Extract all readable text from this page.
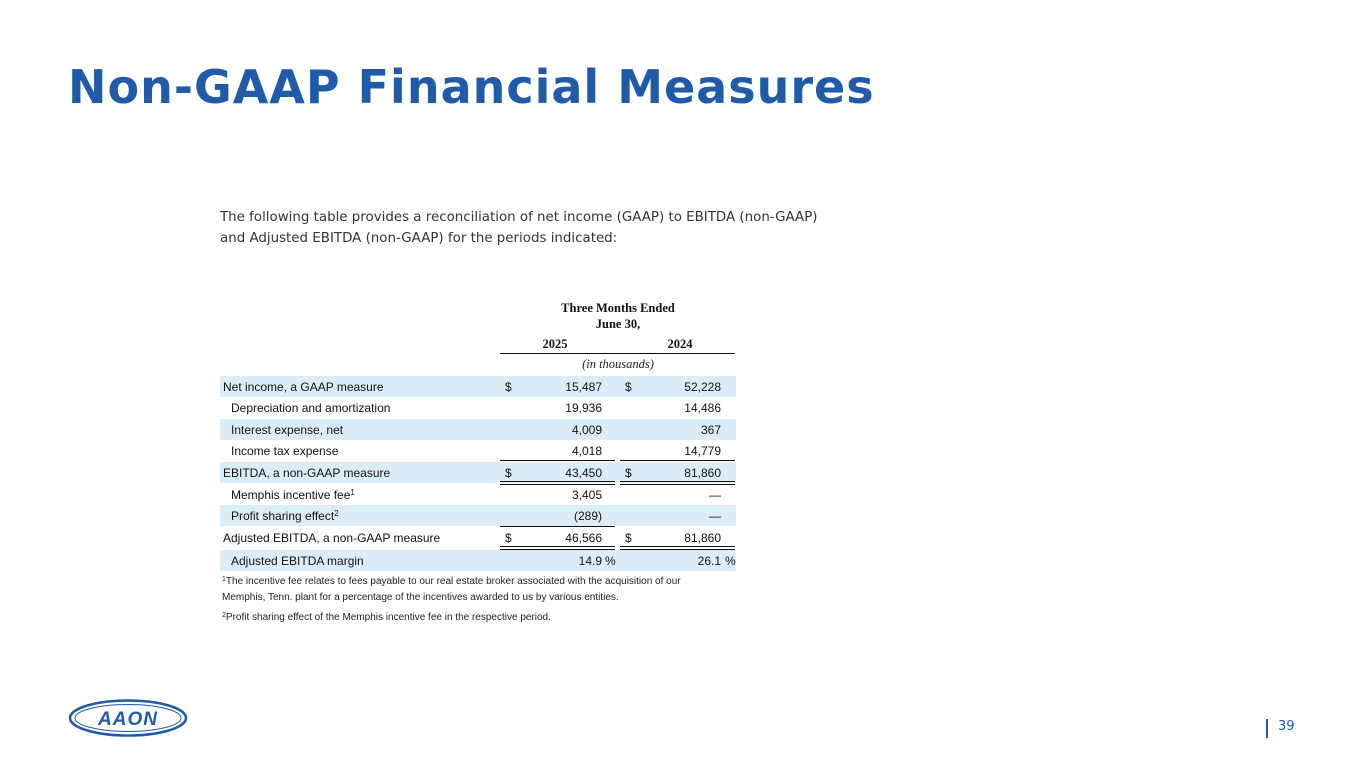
Non-GAAP Financial Measures
The following table provides a reconciliation of net income (GAAP) to EBITDA (non-GAAP)
and Adjusted EBITDA (non-GAAP) for the periods indicated:
Three Months Ended
June 30,
2025	2024
(in thousands)
Net income, a GAAP measure	$	15,487 $	52,228
Depreciation and amortization	19,936	14,486
Interest expense, net	4,009	367
Income tax expense	4,018	14,779
EBITDA, a non-GAAP measure	$	43,450 $	81,860
Memphis incentive fee$^1$	3,405	—
Profit sharing effect$^2$	(289)	—
Adjusted EBITDA, a non-GAAP measure	$	46,566 $	81,860
Adjusted EBITDA margin	14.9 %	26.1 %
$^1$The incentive fee relates to fees payable to our real estate broker associated with the acquisition of our
Memphis, Tenn. plant for a percentage of the incentives awarded to us by various entities.
$^2$Profit sharing effect of the Memphis incentive fee in the respective period.
AAON	39
